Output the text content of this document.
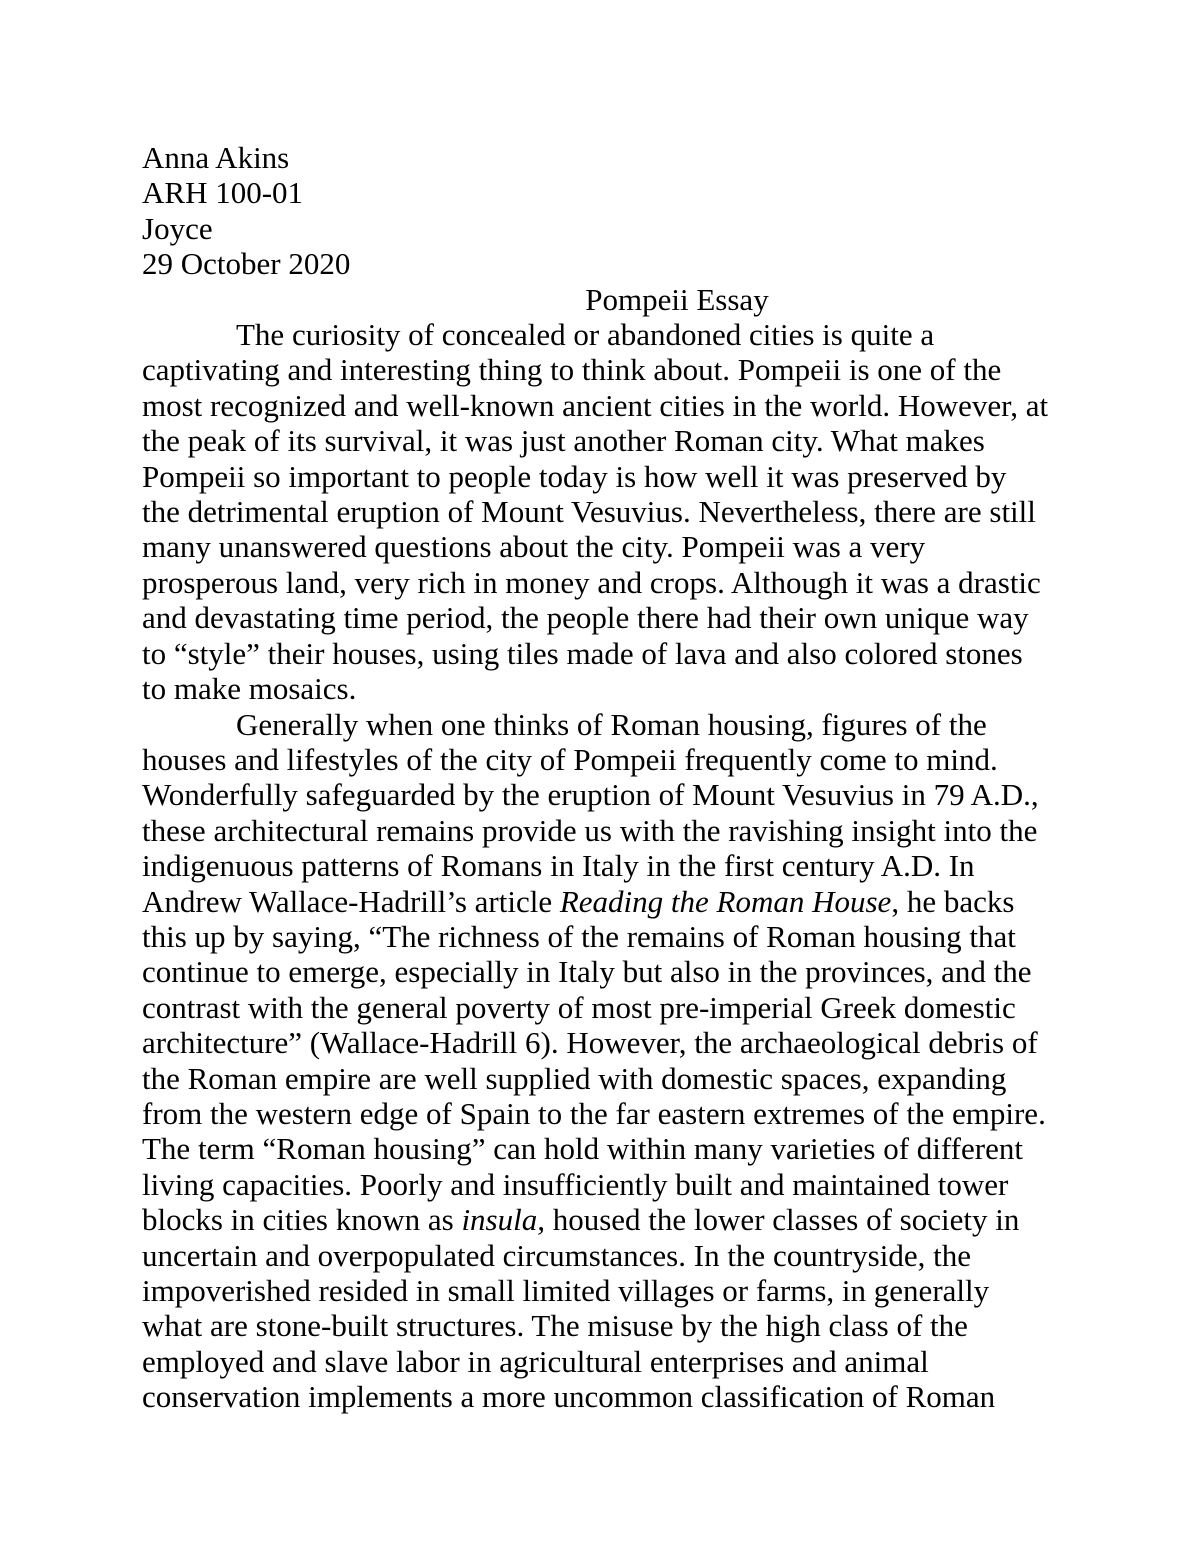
Anna Akins
ARH 100-01
Joyce
29 October 2020
Pompeii Essay
The curiosity of concealed or abandoned cities is quite a
captivating and interesting thing to think about. Pompeii is one of the
most recognized and well-known ancient cities in the world. However, at
the peak of its survival, it was just another Roman city. What makes
Pompeii so important to people today is how well it was preserved by
the detrimental eruption of Mount Vesuvius. Nevertheless, there are still
many unanswered questions about the city. Pompeii was a very
prosperous land, very rich in money and crops. Although it was a drastic
and devastating time period, the people there had their own unique way
to “style” their houses, using tiles made of lava and also colored stones
to make mosaics.
Generally when one thinks of Roman housing, figures of the
houses and lifestyles of the city of Pompeii frequently come to mind.
Wonderfully safeguarded by the eruption of Mount Vesuvius in 79 A.D.,
these architectural remains provide us with the ravishing insight into the
indigenuous patterns of Romans in Italy in the first century A.D. In
Andrew Wallace-Hadrill’s article Reading the Roman House, he backs
this up by saying, “The richness of the remains of Roman housing that
continue to emerge, especially in Italy but also in the provinces, and the
contrast with the general poverty of most pre-imperial Greek domestic
architecture” (Wallace-Hadrill 6). However, the archaeological debris of
the Roman empire are well supplied with domestic spaces, expanding
from the western edge of Spain to the far eastern extremes of the empire.
The term “Roman housing” can hold within many varieties of different
living capacities. Poorly and insufficiently built and maintained tower
blocks in cities known as insula, housed the lower classes of society in
uncertain and overpopulated circumstances. In the countryside, the
impoverished resided in small limited villages or farms, in generally
what are stone-built structures. The misuse by the high class of the
employed and slave labor in agricultural enterprises and animal
conservation implements a more uncommon classification of Roman
